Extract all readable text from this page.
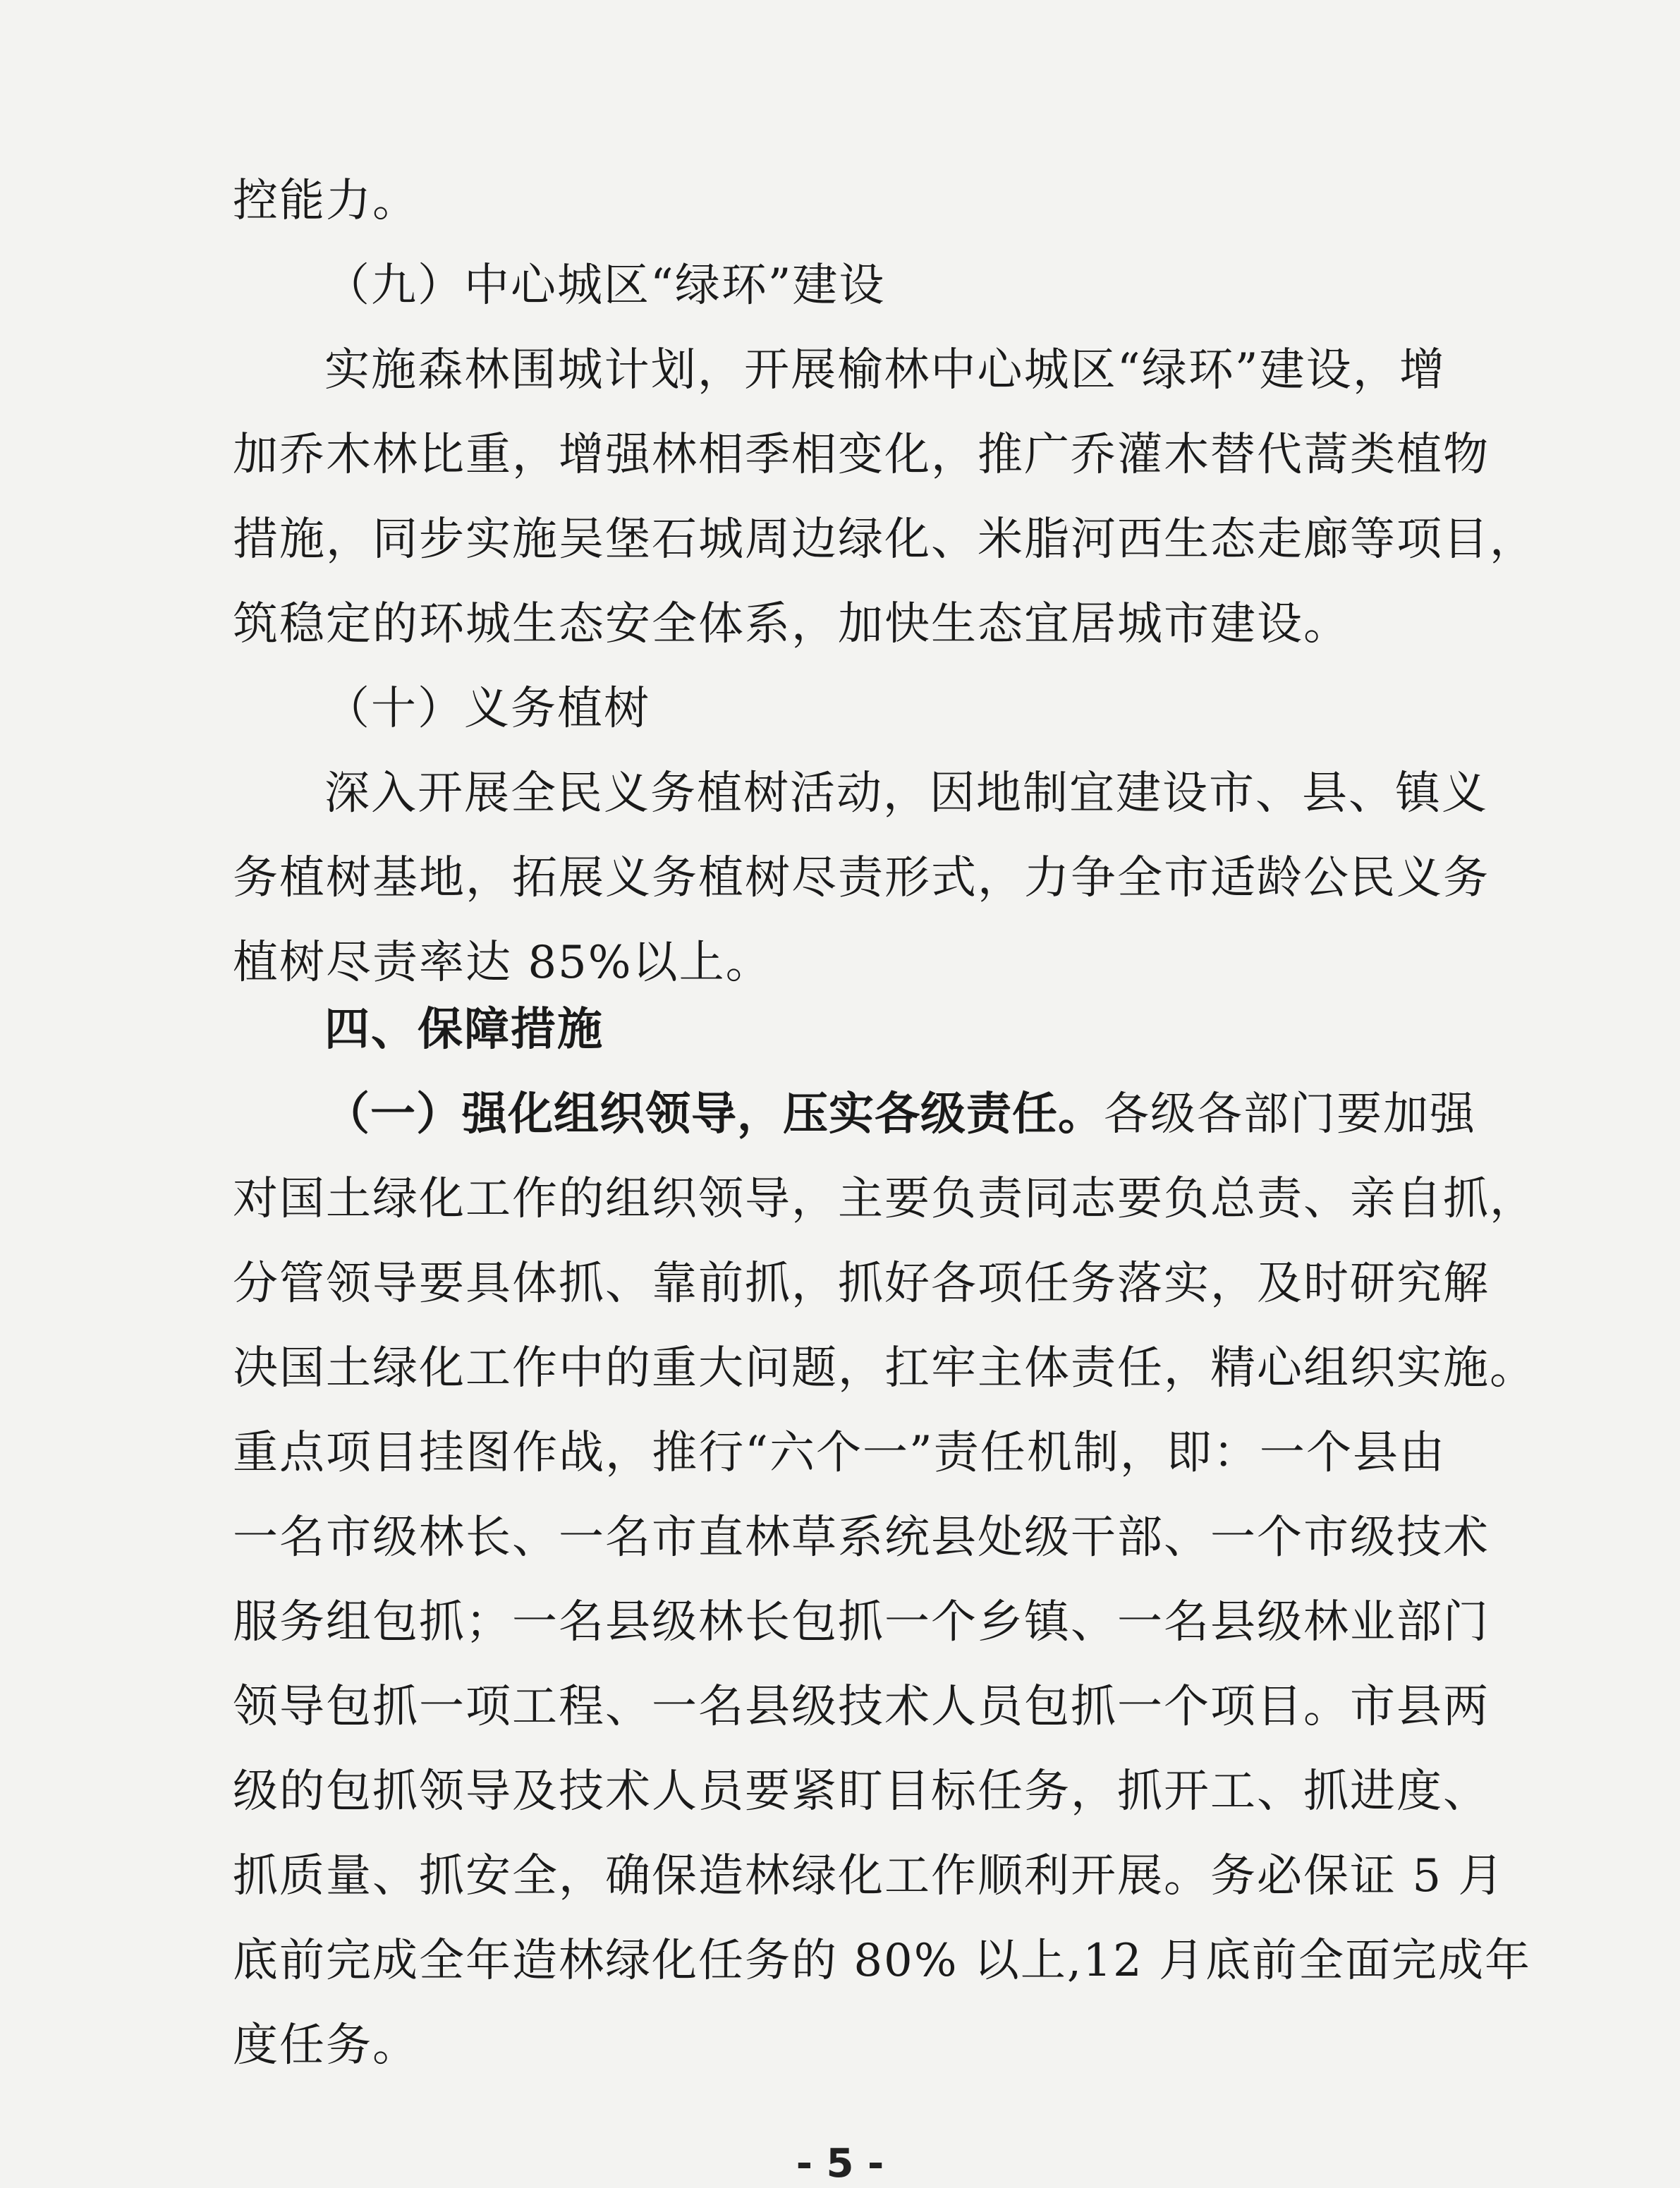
控能力。
（九）中心城区“绿环”建设
实施森林围城计划，开展榆林中心城区“绿环”建设，增
加乔木林比重，增强林相季相变化，推广乔灌木替代蒿类植物
措施，同步实施吴堡石城周边绿化、米脂河西生态走廊等项目，
筑稳定的环城生态安全体系，加快生态宜居城市建设。
（十）义务植树
深入开展全民义务植树活动，因地制宜建设市、县、镇义
务植树基地，拓展义务植树尽责形式，力争全市适龄公民义务
植树尽责率达 85%以上。
四、保障措施
（一）强化组织领导，压实各级责任。各级各部门要加强
对国土绿化工作的组织领导，主要负责同志要负总责、亲自抓，
分管领导要具体抓、靠前抓，抓好各项任务落实，及时研究解
决国土绿化工作中的重大问题，扛牢主体责任，精心组织实施。
重点项目挂图作战，推行“六个一”责任机制，即：一个县由
一名市级林长、一名市直林草系统县处级干部、一个市级技术
服务组包抓；一名县级林长包抓一个乡镇、一名县级林业部门
领导包抓一项工程、一名县级技术人员包抓一个项目。市县两
级的包抓领导及技术人员要紧盯目标任务，抓开工、抓进度、
抓质量、抓安全，确保造林绿化工作顺利开展。务必保证 5 月
底前完成全年造林绿化任务的 80% 以上,12 月底前全面完成年
度任务。
- 5 -
